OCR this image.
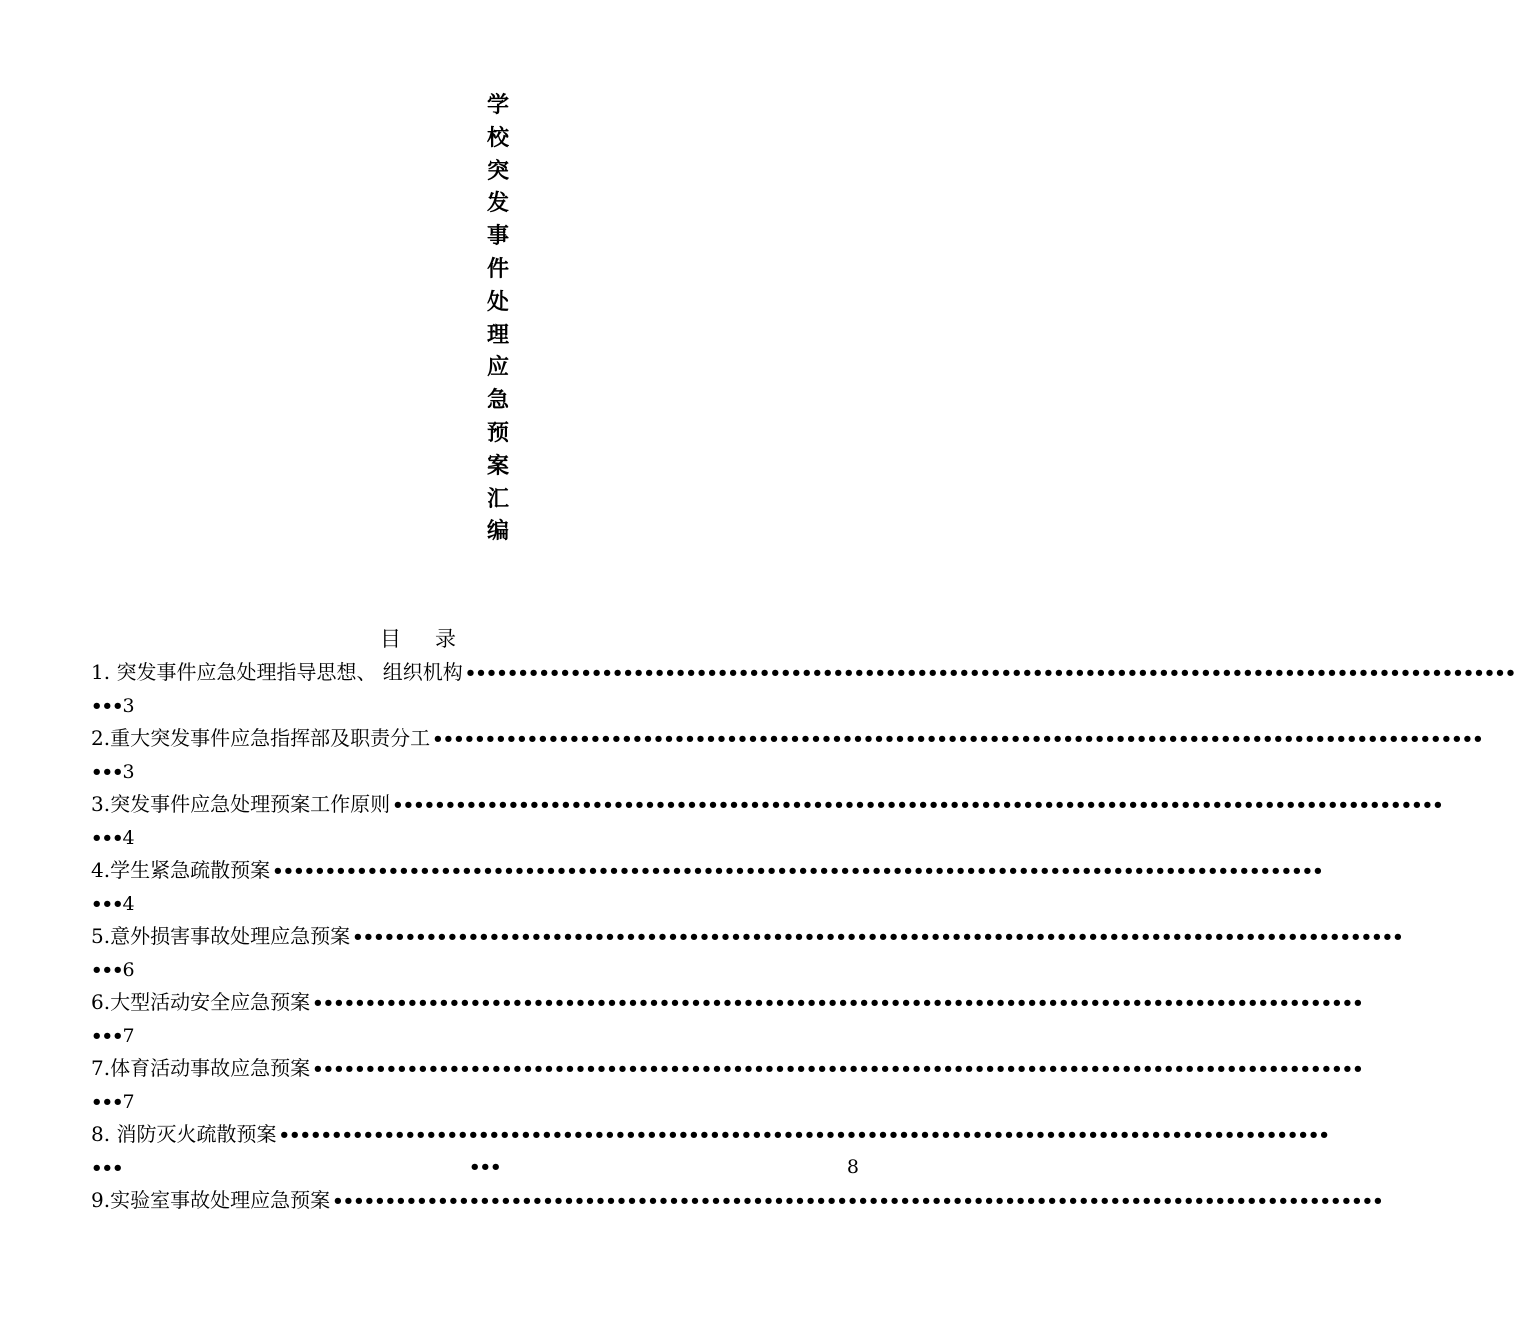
学
校
突
发
事
件
处
理
应
急
预
案
汇
编
目 录
1. 突发事件应急处理指导思想、 组织机构 ••••••••••••••••••••••••••••••••••••••••••••••••••••••••••••••••••••••••••••••••••••••••••••••••••••
•••3
2.重大突发事件应急指挥部及职责分工 ••••••••••••••••••••••••••••••••••••••••••••••••••••••••••••••••••••••••••••••••••••••••••••••••••••
•••3
3.突发事件应急处理预案工作原则 ••••••••••••••••••••••••••••••••••••••••••••••••••••••••••••••••••••••••••••••••••••••••••••••••••••
•••4
4.学生紧急疏散预案 ••••••••••••••••••••••••••••••••••••••••••••••••••••••••••••••••••••••••••••••••••••••••••••••••••••
•••4
5.意外损害事故处理应急预案 ••••••••••••••••••••••••••••••••••••••••••••••••••••••••••••••••••••••••••••••••••••••••••••••••••••
•••6
6.大型活动安全应急预案 ••••••••••••••••••••••••••••••••••••••••••••••••••••••••••••••••••••••••••••••••••••••••••••••••••••
•••7
7.体育活动事故应急预案 ••••••••••••••••••••••••••••••••••••••••••••••••••••••••••••••••••••••••••••••••••••••••••••••••••••
•••7
8. 消防灭火疏散预案 ••••••••••••••••••••••••••••••••••••••••••••••••••••••••••••••••••••••••••••••••••••••••••••••••••••
•••	•••	8
9.实验室事故处理应急预案 ••••••••••••••••••••••••••••••••••••••••••••••••••••••••••••••••••••••••••••••••••••••••••••••••••••
